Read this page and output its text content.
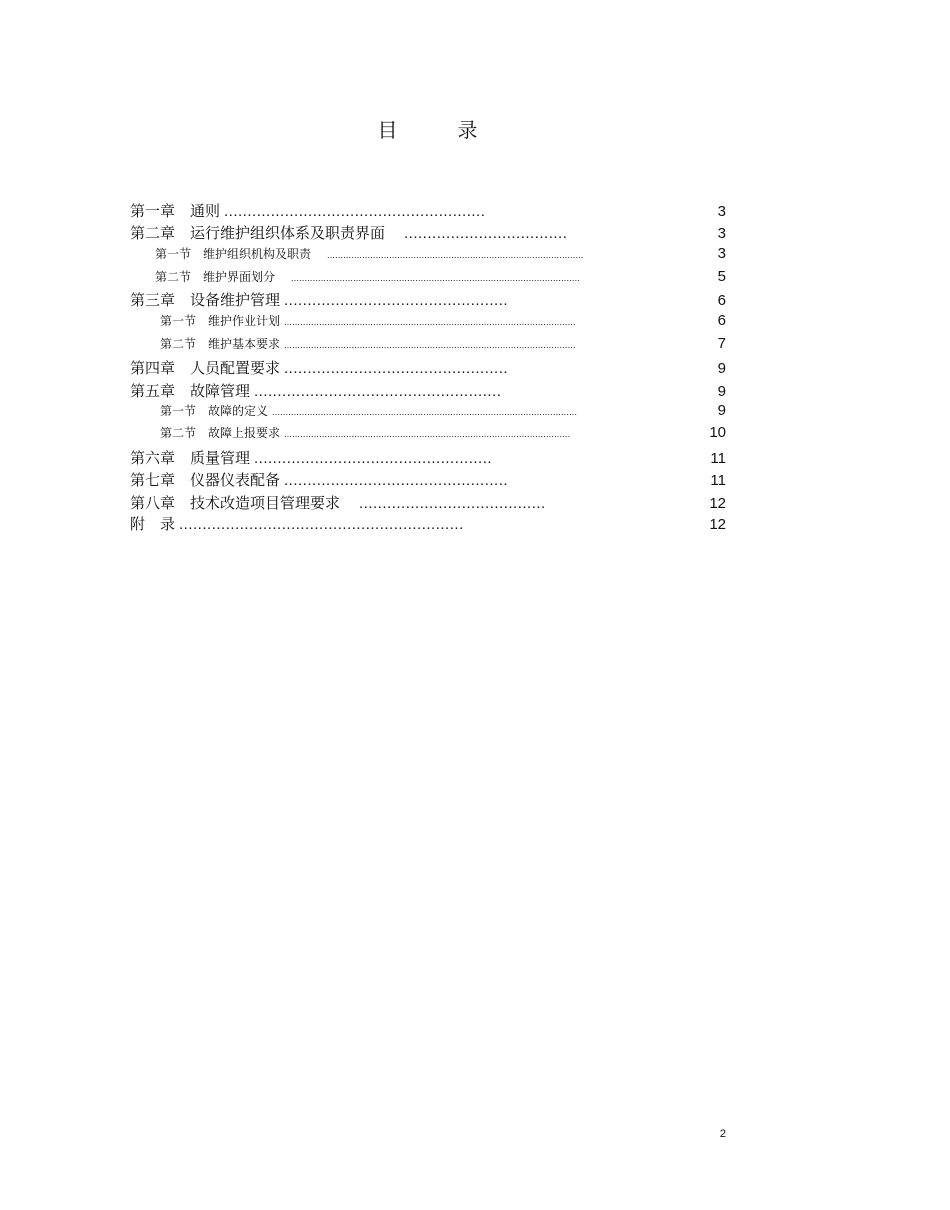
目　　　录
第一章　通则 ........................................................	3
第二章　运行维护组织体系及职责界面　 ...................................	3
第一节　维护组织机构及职责　 ...............................................................................................	3
第二节　维护界面划分　 ...........................................................................................................	5
第三章　设备维护管理 ................................................	6
第一节　维护作业计划 ............................................................................................................	6
第二节　维护基本要求 ............................................................................................................	7
第四章　人员配置要求 ................................................	9
第五章　故障管理 .....................................................	9
第一节　故障的定义 .................................................................................................................	9
第二节　故障上报要求 ..........................................................................................................	10
第六章　质量管理 ...................................................	11
第七章　仪器仪表配备 ................................................	11
第八章　技术改造项目管理要求　 ........................................	12
附　录 .............................................................	12
2
